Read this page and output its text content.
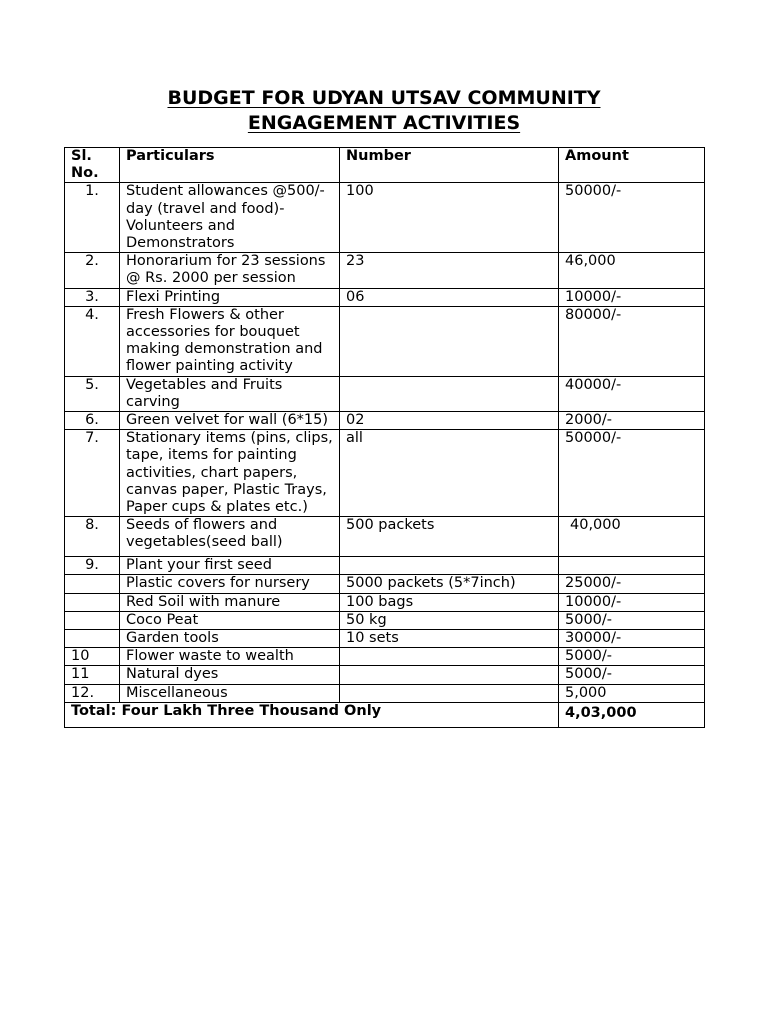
BUDGET FOR UDYAN UTSAV COMMUNITY
ENGAGEMENT ACTIVITIES
Sl.
No.	Particulars	Number	Amount
1.	Student allowances @500/-day (travel and food)- Volunteers and Demonstrators	100	50000/-
2.	Honorarium for 23 sessions @ Rs. 2000 per session	23	46,000
3.	Flexi Printing	06	10000/-
4.	Fresh Flowers & other accessories for bouquet making demonstration and flower painting activity		80000/-
5.	Vegetables and Fruits carving		40000/-
6.	Green velvet for wall (6*15)	02	2000/-
7.	Stationary items (pins, clips, tape, items for painting activities, chart papers, canvas paper, Plastic Trays, Paper cups & plates etc.)	all	50000/-
8.	Seeds of flowers and vegetables(seed ball)	500 packets	40,000
9.	Plant your first seed		
	Plastic covers for nursery	5000 packets (5*7inch)	25000/-
	Red Soil with manure	100 bags	10000/-
	Coco Peat	50 kg	5000/-
	Garden tools	10 sets	30000/-
10	Flower waste to wealth		5000/-
11	Natural dyes		5000/-
12.	Miscellaneous		5,000
Total: Four Lakh Three Thousand Only			4,03,000
